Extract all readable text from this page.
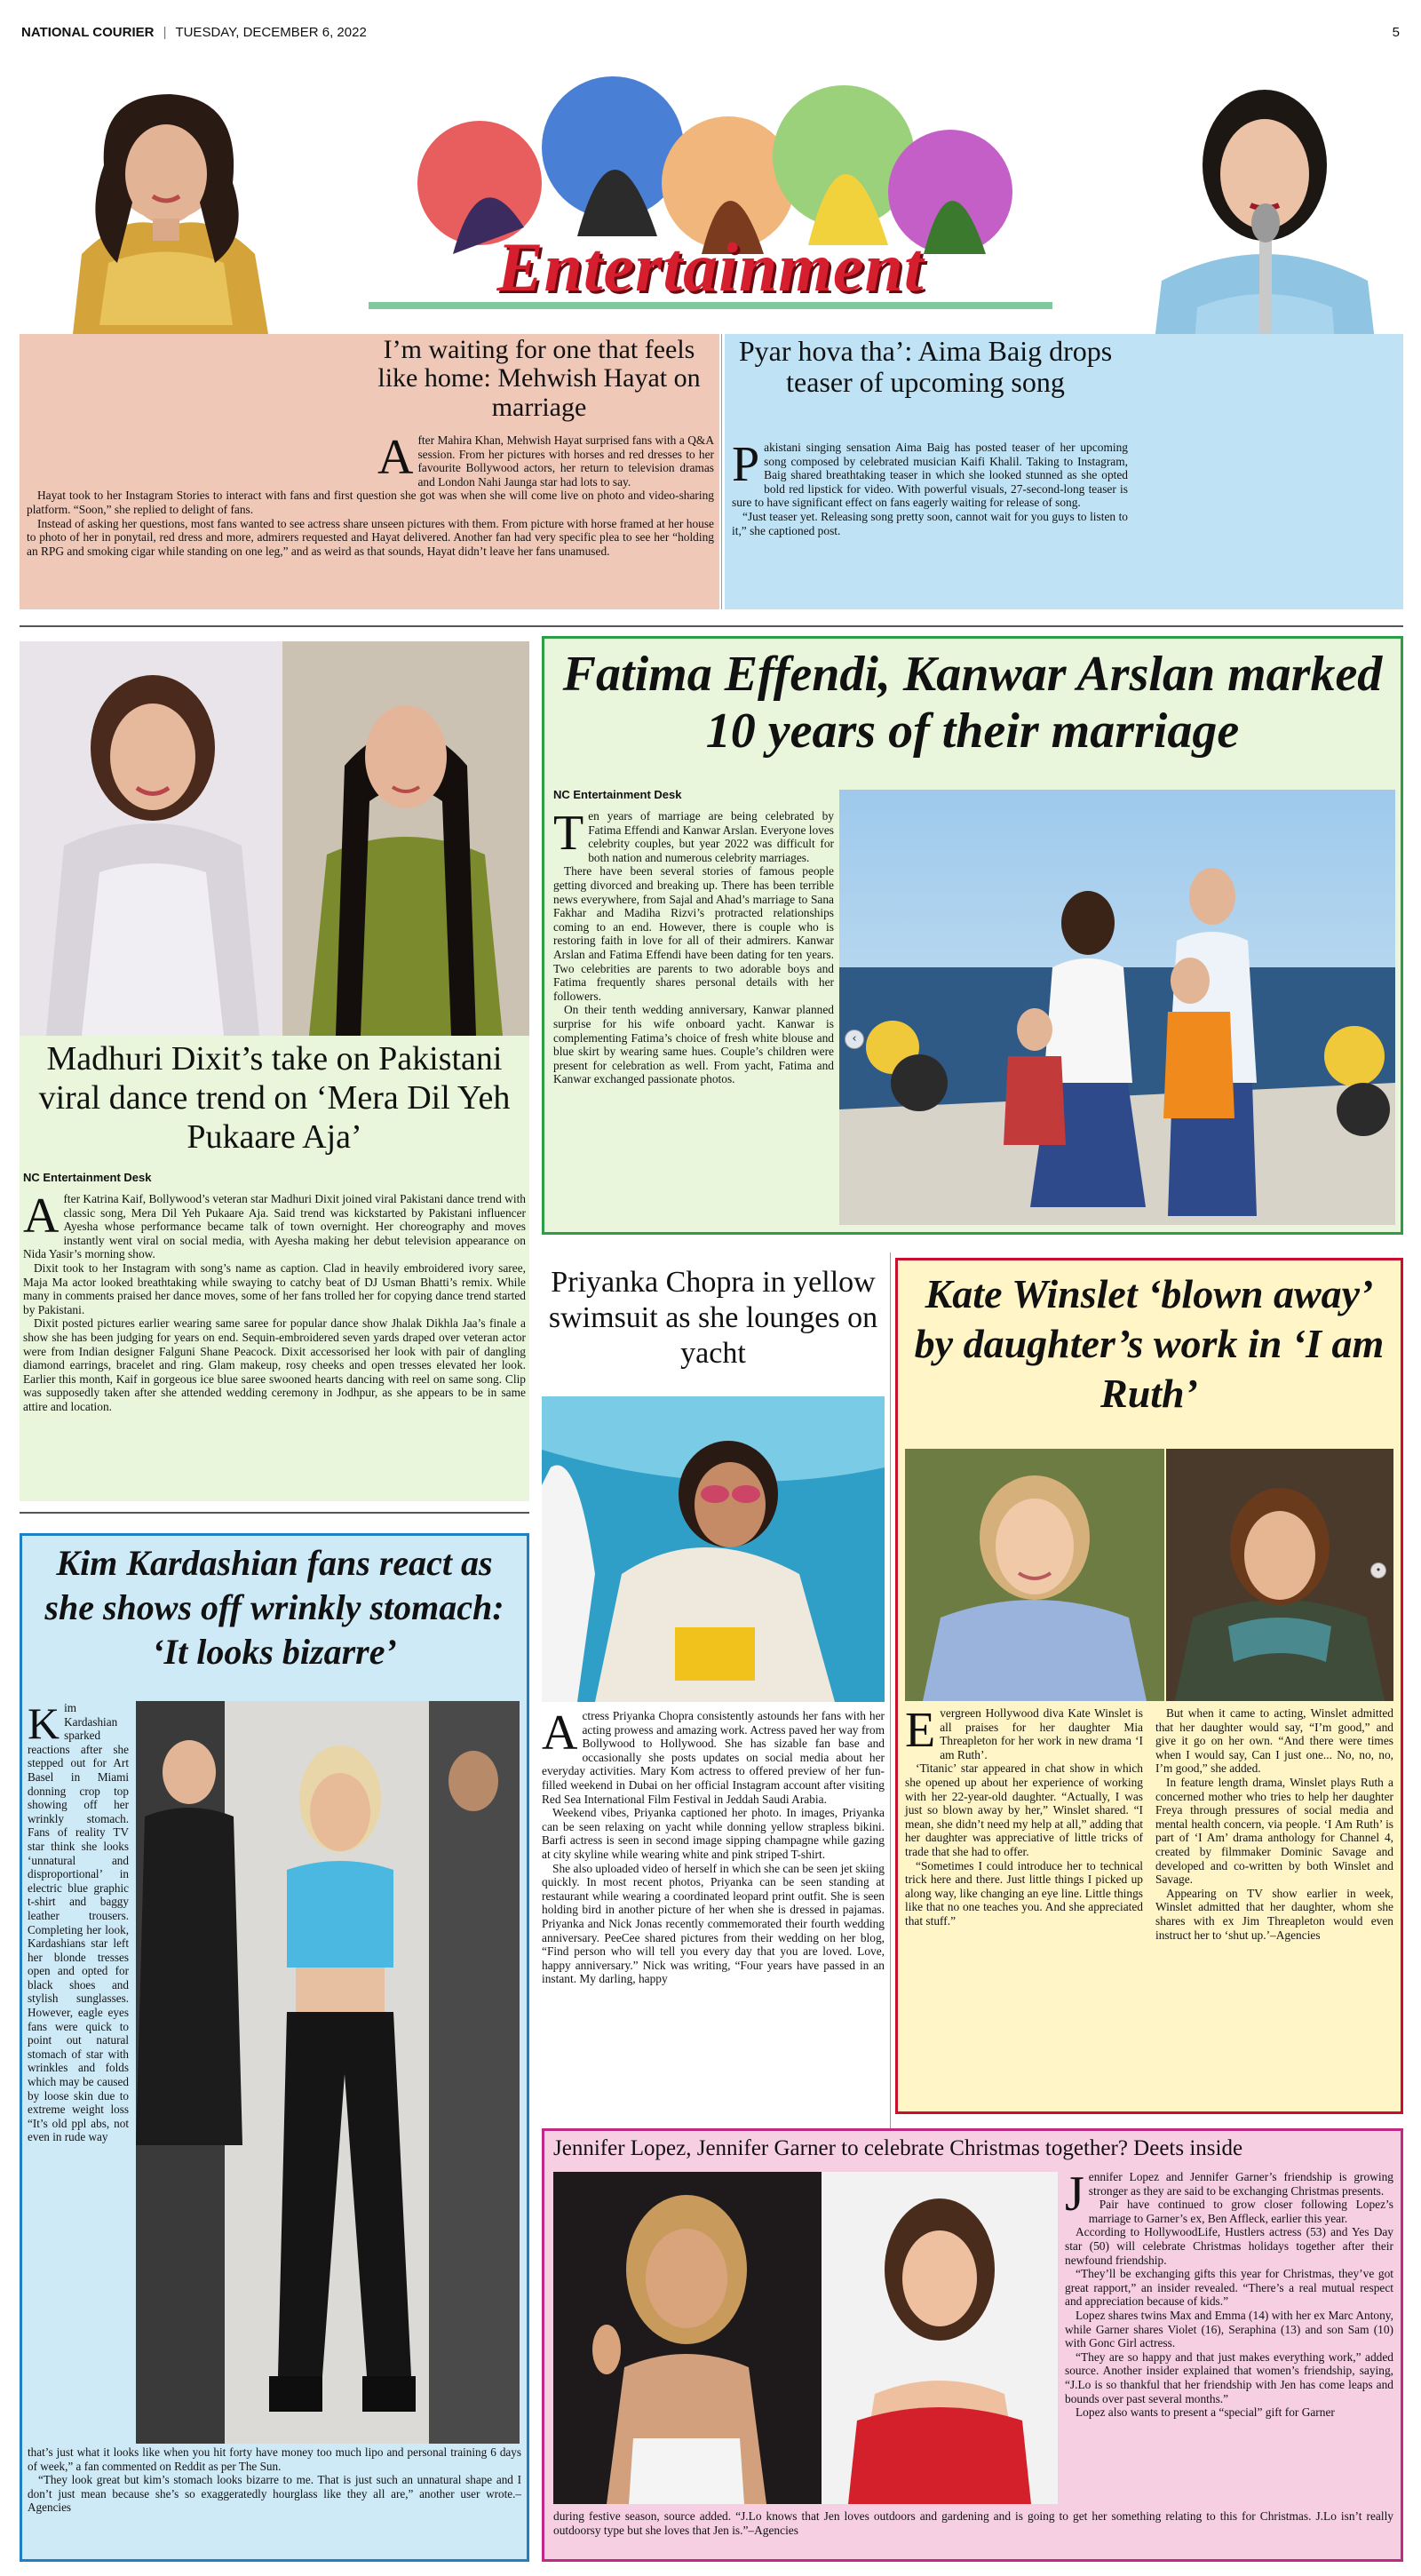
NATIONAL COURIER | TUESDAY, DECEMBER 6, 2022	5
Entertainment
I’m waiting for one that feels like home: Mehwish Hayat on marriage
A fter Mahira Khan, Mehwish Hayat surprised fans with a Q&A session. From her pictures with horses and red dresses to her favourite Bollywood actors, her return to television dramas and London Nahi Jaunga star had lots to say.

Hayat took to her Instagram Stories to interact with fans and first question she got was when she will come live on photo and video-sharing platform. “Soon,” she replied to delight of fans.

Instead of asking her questions, most fans wanted to see actress share unseen pictures with them. From picture with horse framed at her house to photo of her in ponytail, red dress and more, admirers requested and Hayat delivered. Another fan had very specific plea to see her “holding an RPG and smoking cigar while standing on one leg,” and as weird as that sounds, Hayat didn’t leave her fans unamused.

Pyar hova tha’: Aima Baig drops teaser of upcoming song
P akistani singing sensation Aima Baig has posted teaser of her upcoming song composed by celebrated musician Kaifi Khalil. Taking to Instagram, Baig shared breathtaking teaser in which she looked stunned as she opted bold red lipstick for video. With powerful visuals, 27-second-long teaser is sure to have significant effect on fans eagerly waiting for release of song.

“Just teaser yet. Releasing song pretty soon, cannot wait for you guys to listen to it,” she captioned post.

Madhuri Dixit’s take on Pakistani viral dance trend on ‘Mera Dil Yeh Pukaare Aja’
NC Entertainment Desk
A fter Katrina Kaif, Bollywood’s veteran star Madhuri Dixit joined viral Pakistani dance trend with classic song, Mera Dil Yeh Pukaare Aja. Said trend was kickstarted by Pakistani influencer Ayesha whose performance became talk of town overnight. Her choreography and moves instantly went viral on social media, with Ayesha making her debut television appearance on Nida Yasir’s morning show.

Dixit took to her Instagram with song’s name as caption. Clad in heavily embroidered ivory saree, Maja Ma actor looked breathtaking while swaying to catchy beat of DJ Usman Bhatti’s remix. While many in comments praised her dance moves, some of her fans trolled her for copying dance trend started by Pakistani.

Dixit posted pictures earlier wearing same saree for popular dance show Jhalak Dikhla Jaa’s finale a show she has been judging for years on end. Sequin-embroidered seven yards draped over veteran actor were from Indian designer Falguni Shane Peacock. Dixit accessorised her look with pair of dangling diamond earrings, bracelet and ring. Glam makeup, rosy cheeks and open tresses elevated her look. Earlier this month, Kaif in gorgeous ice blue saree swooned hearts dancing with reel on same song. Clip was supposedly taken after she attended wedding ceremony in Jodhpur, as she appears to be in same attire and location.

Fatima Effendi, Kanwar Arslan marked 10 years of their marriage
NC Entertainment Desk
T en years of marriage are being celebrated by Fatima Effendi and Kanwar Arslan. Everyone loves celebrity couples, but year 2022 was difficult for both nation and numerous celebrity marriages.

There have been several stories of famous people getting divorced and breaking up. There has been terrible news everywhere, from Sajal and Ahad’s marriage to Sana Fakhar and Madiha Rizvi’s protracted relationships coming to an end. However, there is couple who is restoring faith in love for all of their admirers. Kanwar Arslan and Fatima Effendi have been dating for ten years. Two celebrities are parents to two adorable boys and Fatima frequently shares personal details with her followers.

On their tenth wedding anniversary, Kanwar planned surprise for his wife onboard yacht. Kanwar is complementing Fatima’s choice of fresh white blouse and blue skirt by wearing same hues. Couple’s children were present for celebration as well. From yacht, Fatima and Kanwar exchanged passionate photos.

‹
Priyanka Chopra in yellow swimsuit as she lounges on yacht
A ctress Priyanka Chopra consistently astounds her fans with her acting prowess and amazing work. Actress paved her way from Bollywood to Hollywood. She has sizable fan base and occasionally she posts updates on social media about her everyday activities. Mary Kom actress to offered preview of her fun-filled weekend in Dubai on her official Instagram account after visiting Red Sea International Film Festival in Jeddah Saudi Arabia.

Weekend vibes, Priyanka captioned her photo. In images, Priyanka can be seen relaxing on yacht while donning yellow strapless bikini. Barfi actress is seen in second image sipping champagne while gazing at city skyline while wearing white and pink striped T-shirt.

She also uploaded video of herself in which she can be seen jet skiing quickly. In most recent photos, Priyanka can be seen standing at restaurant while wearing a coordinated leopard print outfit. She is seen holding bird in another picture of her when she is dressed in pajamas. Priyanka and Nick Jonas recently commemorated their fourth wedding anniversary. PeeCee shared pictures from their wedding on her blog, “Find person who will tell you every day that you are loved. Love, happy anniversary.” Nick was writing, “Four years have passed in an instant. My darling, happy

Kate Winslet ‘blown away’ by daughter’s work in ‘I am Ruth’
•
E vergreen Hollywood diva Kate Winslet is all praises for her daughter Mia Threapleton for her work in new drama ‘I am Ruth’.

‘Titanic’ star appeared in chat show in which she opened up about her experience of working with her 22-year-old daughter. “Actually, I was just so blown away by her,” Winslet shared. “I mean, she didn’t need my help at all,” adding that her daughter was appreciative of little tricks of trade that she had to offer.

“Sometimes I could introduce her to technical trick here and there. Just little things I picked up along way, like changing an eye line. Little things like that no one teaches you. And she appreciated that stuff.”

But when it came to acting, Winslet admitted that her daughter would say, “I’m good,” and give it go on her own. “And there were times when I would say, Can I just one... No, no, no, I’m good,” she added.

In feature length drama, Winslet plays Ruth a concerned mother who tries to help her daughter Freya through pressures of social media and mental health concern, via people. ‘I Am Ruth’ is part of ‘I Am’ drama anthology for Channel 4, created by filmmaker Dominic Savage and developed and co-written by both Winslet and Savage.

Appearing on TV show earlier in week, Winslet admitted that her daughter, whom she shares with ex Jim Threapleton would even instruct her to ‘shut up.’–Agencies

Kim Kardashian fans react as she shows off wrinkly stomach: ‘It looks bizarre’
K im Kardashian sparked reactions after she stepped out for Art Basel in Miami donning crop top showing off her wrinkly stomach. Fans of reality TV star think she looks ‘unnatural and disproportional’ in electric blue graphic t-shirt and baggy leather trousers. Completing her look, Kardashians star left her blonde tresses open and opted for black shoes and stylish sunglasses. However, eagle eyes fans were quick to point out natural stomach of star with wrinkles and folds which may be caused by loose skin due to extreme weight loss “It’s old ppl abs, not even in rude way

that’s just what it looks like when you hit forty have money too much lipo and personal training 6 days of week,” a fan commented on Reddit as per The Sun.

“They look great but kim’s stomach looks bizarre to me. That is just such an unnatural shape and I don’t just mean because she’s so exaggeratedly hourglass like they all are,” another user wrote.–Agencies

Jennifer Lopez, Jennifer Garner to celebrate Christmas together? Deets inside
J ennifer Lopez and Jennifer Garner’s friendship is growing stronger as they are said to be exchanging Christmas presents.

Pair have continued to grow closer following Lopez’s marriage to Garner’s ex, Ben Affleck, earlier this year.

According to HollywoodLife, Hustlers actress (53) and Yes Day star (50) will celebrate Christmas holidays together after their newfound friendship.

“They’ll be exchanging gifts this year for Christmas, they’ve got great rapport,” an insider revealed. “There’s a real mutual respect and appreciation because of kids.”

Lopez shares twins Max and Emma (14) with her ex Marc Antony, while Garner shares Violet (16), Seraphina (13) and son Sam (10) with Gonc Girl actress.

“They are so happy and that just makes everything work,” added source. Another insider explained that women’s friendship, saying, “J.Lo is so thankful that her friendship with Jen has come leaps and bounds over past several months.”

Lopez also wants to present a “special” gift for Garner

during festive season, source added. “J.Lo knows that Jen loves outdoors and gardening and is going to get her something relating to this for Christmas. J.Lo isn’t really outdoorsy type but she loves that Jen is.”–Agencies
